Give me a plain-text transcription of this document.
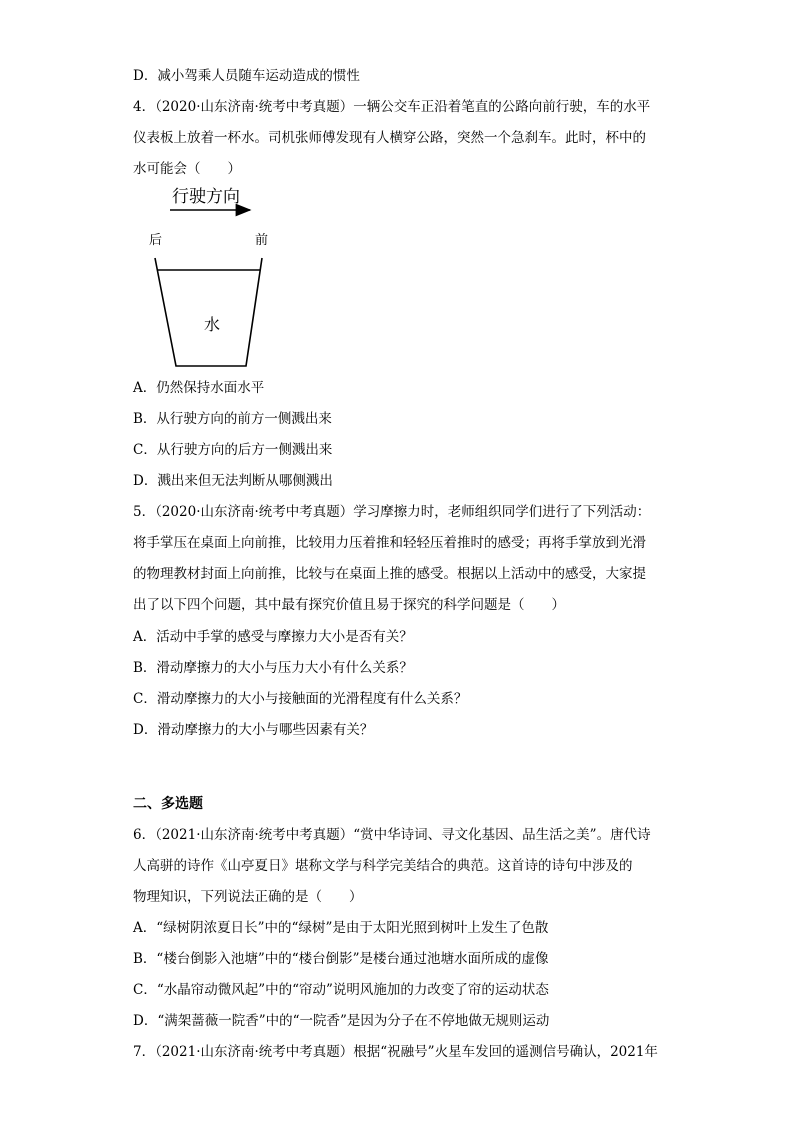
D．减小驾乘人员随车运动造成的惯性
4．（2020·山东济南·统考中考真题）一辆公交车正沿着笔直的公路向前行驶，车的水平
仪表板上放着一杯水。司机张师傅发现有人横穿公路，突然一个急刹车。此时，杯中的
水可能会（　　）
行驶方向
后	前
水
A．仍然保持水面水平
B．从行驶方向的前方一侧溅出来
C．从行驶方向的后方一侧溅出来
D．溅出来但无法判断从哪侧溅出
5．（2020·山东济南·统考中考真题）学习摩擦力时，老师组织同学们进行了下列活动：
将手掌压在桌面上向前推，比较用力压着推和轻轻压着推时的感受；再将手掌放到光滑
的物理教材封面上向前推，比较与在桌面上推的感受。根据以上活动中的感受，大家提
出了以下四个问题，其中最有探究价值且易于探究的科学问题是（　　）
A．活动中手掌的感受与摩擦力大小是否有关？
B．滑动摩擦力的大小与压力大小有什么关系？
C．滑动摩擦力的大小与接触面的光滑程度有什么关系？
D．滑动摩擦力的大小与哪些因素有关？
二、多选题
6．（2021·山东济南·统考中考真题）“赏中华诗词、寻文化基因、品生活之美”。唐代诗
人高骈的诗作《山亭夏日》堪称文学与科学完美结合的典范。这首诗的诗句中涉及的
物理知识，下列说法正确的是（　　）
A．“绿树阴浓夏日长”中的“绿树”是由于太阳光照到树叶上发生了色散
B．“楼台倒影入池塘”中的“楼台倒影”是楼台通过池塘水面所成的虚像
C．“水晶帘动微风起”中的“帘动”说明风施加的力改变了帘的运动状态
D．“满架蔷薇一院香”中的“一院香”是因为分子在不停地做无规则运动
7．（2021·山东济南·统考中考真题）根据“祝融号”火星车发回的遥测信号确认，2021年
